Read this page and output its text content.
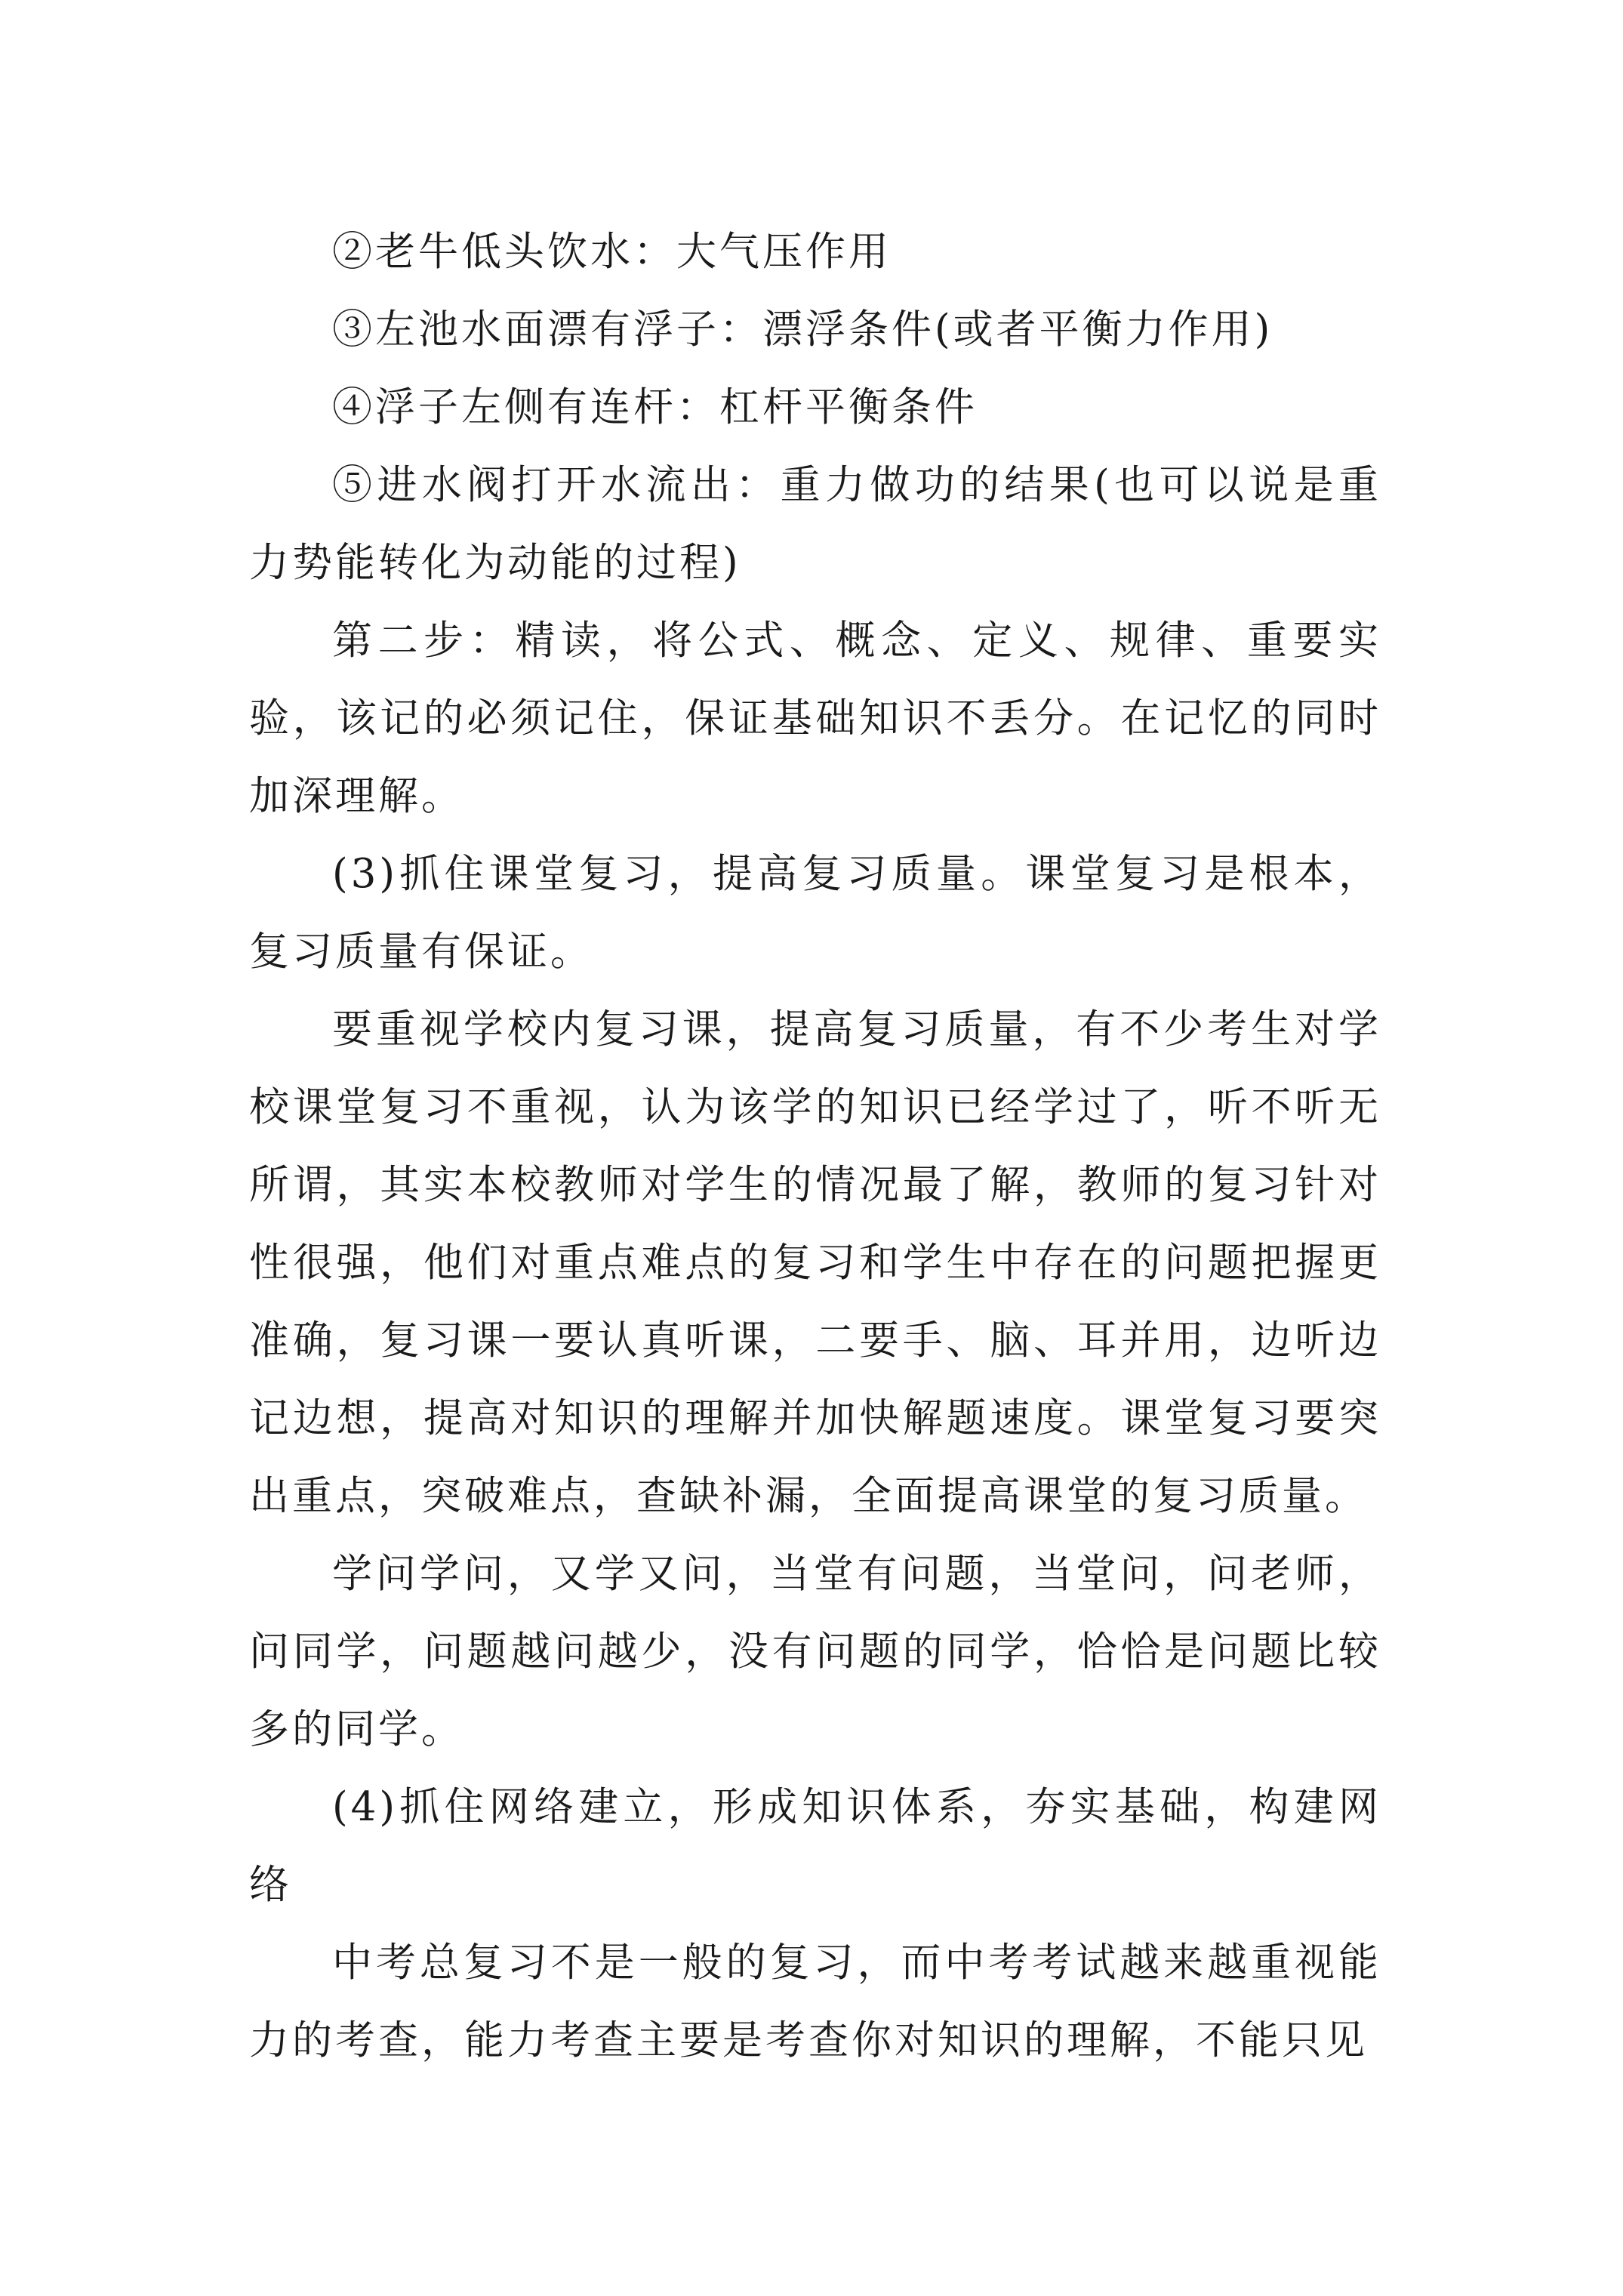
②老牛低头饮水：大气压作用

③左池水面漂有浮子：漂浮条件(或者平衡力作用)

④浮子左侧有连杆：杠杆平衡条件

⑤进水阀打开水流出：重力做功的结果(也可以说是重力势能转化为动能的过程)

第二步：精读，将公式、概念、定义、规律、重要实验，该记的必须记住，保证基础知识不丢分。在记忆的同时加深理解。

(3)抓住课堂复习，提高复习质量。课堂复习是根本，复习质量有保证。

要重视学校内复习课，提高复习质量，有不少考生对学校课堂复习不重视，认为该学的知识已经学过了，听不听无所谓，其实本校教师对学生的情况最了解，教师的复习针对性很强，他们对重点难点的复习和学生中存在的问题把握更准确，复习课一要认真听课，二要手、脑、耳并用，边听边记边想，提高对知识的理解并加快解题速度。课堂复习要突出重点，突破难点，查缺补漏，全面提高课堂的复习质量。

学问学问，又学又问，当堂有问题，当堂问，问老师，问同学，问题越问越少，没有问题的同学，恰恰是问题比较多的同学。

(4)抓住网络建立，形成知识体系，夯实基础，构建网络

中考总复习不是一般的复习，而中考考试越来越重视能力的考查，能力考查主要是考查你对知识的理解，不能只见
